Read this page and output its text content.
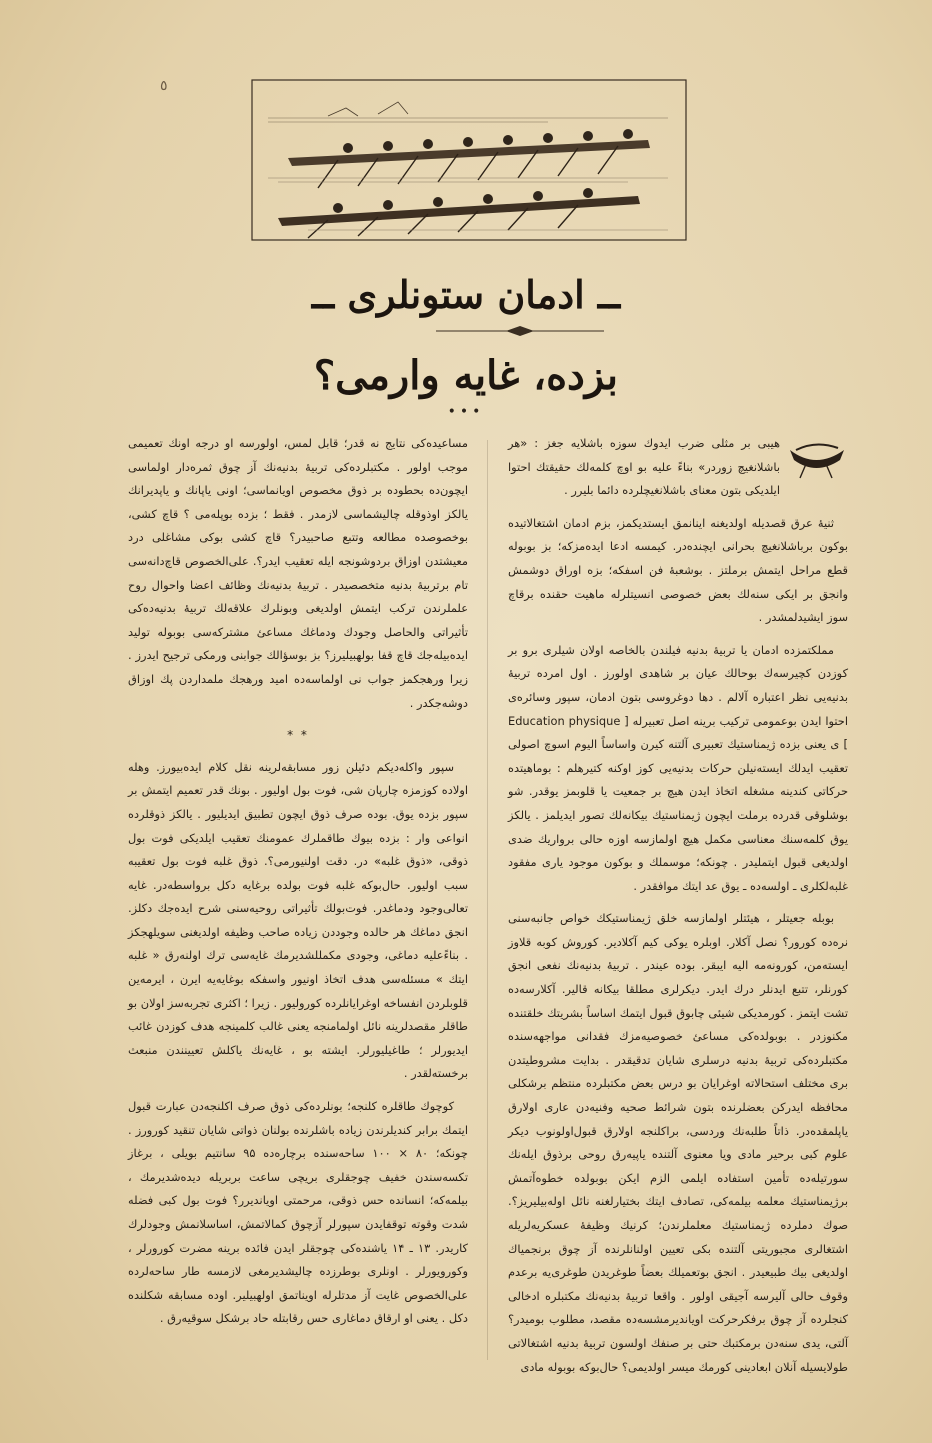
٥
ــ ادمان ستونلری ــ
بزده، غایه وارمی؟
•••

هیبی بر مثلی ضرب ایدوك سوزه باشلایه جغز : «هر باشلانغیچ زوردر» بناءً علیه بو اوچ کلمه‌لك حقیقتك احتوا ایلدیکی بتون معنای باشلانغیچلرده دائما بلیرر .

ثنیهٔ عرق قصدیله اولدیغنه اینانمق ایستدیکمز، بزم ادمان اشتغالاتیده بوکون برباشلانغیچ بحرانی ایچنده‌در. کیمسه ادعا ایده‌مزکه؛ بز بوبوله قطع مراحل ایتمش برملتز . بوشعبهٔ فن اسفکه؛ بزه اوراق دوشمش وانجق بر ایکی سنه‌لك بعض خصوصی انسیتلرله ماهیت حقنده برقاچ سوز ایشیدلمشدر .

مملکتمزده ادمان یا تربیهٔ بدنیه فیلندن بالخاصه اولان شیلری برو بر کوزدن کچیرسه‌ك بوحالك عیان بر شاهدی اولورز . اول امرده تربیهٔ بدنیه‌یی نظر اعتباره آلالم . دها دوغروسی بتون ادمان، سپور وسائره‌ی احتوا ایدن بوعمومی ترکیب برینه اصل تعبیرله [ Education physique ] ی یعنی بزده ژیمناستیك تعبیری آلتنه کیرن واساساً الیوم اسوچ اصولی تعقیب ایدلك ایسته‌نیلن حرکات بدنیه‌یی کوز اوکنه کتیرهلم : بوماهیتده حرکاتی کندینه مشغله اتخاذ ایدن هیچ بر جمعیت یا قلوبمز یوقدر. شو بوشلوقی قدرده برملت ایچون ژیمناستیك بیکانه‌لك تصور ایدیلمز . یالکز یوق کلمه‌سنك معناسی مکمل هیچ اولمازسه اوزه حالی برواریك ضدی اولدیغی قبول ایتملیدر . چونکه؛ موسملك و بوکون موجود یاری مفقود غلبه‌لکلری ـ اولسه‌ده ـ یوق عد ایتك موافقدر .

بوبله جعیتلر ، هیئتلر اولمازسه خلق ژیمناستیکك خواص جانبه‌سنی نره‌ده کورور؟ نصل آکلار. اوبلره یوکی کیم آکلادیر. کوروش کوبه قلاوز ایسته‌من، کورونه‌مه الیه ایبقر. بوده عیندر . تربیهٔ بدنیه‌نك نفعی انجق کورنلر، تتبع ایدنلر درك ایدر. دیکرلری مطلقا بیکانه قالیر. آکلارسه‌ده تشت ایتمز . کورمدیکی شیئی چابوق قبول ایتمك اساساً بشریتك خلقتنده مکنوزدر . بوبولده‌کی مساعیٔ خصوصیه‌مزك فقدانی مواجهه‌سنده مکتبلرده‌کی تربیهٔ بدنیه درسلری شایان تدقیقدر . بدایت مشروطیتدن بری مختلف استحالاته اوغرایان بو درس بعض مکتبلرده منتظم برشکلی محافظه ایدرکن بعضلرنده بتون شرائط صحیه وفنیه‌دن عاری اولارق یاپلمقده‌در. ذاتاً طلبه‌نك وردسی، براکلنجه اولارق قبول‌اولونوب دیکر علوم کبی برحیر مادی ویا معنوی آلتنده یاپیه‌رق روحی برذوق ایله‌نك سورتیله‌ده تأمین استفاده ایلمی الزم ایکن بوبولده خطوه‌آتمش برژیمناستیك معلمه بیلمه‌کی، تصادف ایتك بختیارلغنه نائل اوله‌بیلیریز؟. صوك دملرده ژیمناستیك معلملرندن؛ کرنیك وظیفهٔ عسکریه‌لریله اشتغالری مجبوریتی آلتنده بکی تعیین اولنانلرنده آز چوق برنجمیاك اولدیغی بیك طبیعیدر . انجق بوتعمیلك بعضاً طوغریدن طوغری‌یه برعدم وقوف حالی آلیرسه آجیقی اولور . واقعا تربیهٔ بدنیه‌نك مکتبلره ادخالی کنجلرده آز چوق برفکرحرکت اویاندیرمشسه‌ده مقصد، مطلوب بومیدر؟ آلتی، یدی سنه‌دن برمکتبك حتی بر صنفك اولسون تربیهٔ بدنیه اشتغالاتی طولایسیله آنلان ابعادینی کورمك میسر اولدیمی؟ حال‌بوکه بوبوله مادی

مساعیده‌کی نتایج نه قدر؛ قابل لمس، اولورسه او درجه اونك تعمیمی موجب اولور . مکتبلرده‌کی تربیهٔ بدنیه‌نك آز چوق ثمره‌دار اولماسی ایچون‌ده بحطوده بر ذوق مخصوص اویانماسی؛ اونی یاپانك و یاپدیرانك یالکز اوذوقله چالیشماسی لازمدر . فقط ؛ بزده بوپله‌می‌ ؟ قاچ کشی، بوخصوصده مطالعه وتتبع صاحبیدر؟ قاچ کشی بوکی مشاغلی درد معیشتدن اوزاق بردوشونجه ایله تعقیب ایدر؟. علی‌الخصوص قاچ‌دانه‌سی تام برتربیهٔ بدنیه متخصصیدر . تربیهٔ بدنیه‌نك وظائف اعضا واحوال روح علملرندن ترکب ایتمش اولدیغی وبونلرك علاقه‌لك تربیهٔ بدنیه‌ده‌کی تأثیراتی والحاصل وجودك ودماغك مساعیٔ مشترکه‌سی بوبوله تولید ایده‌بیله‌جك قاچ قفا بولهبیلیرز؟ بز بوسؤالك جوابنی ورمکی ترجیح ایدرز . زیرا ورهجکمز جواب نی اولماسه‌ده امید ورهجك ملمداردن پك اوزاق دوشه‌جکدر .

* *

سپور واکله‌دیکم دئیلن زور مسابقه‌لرینه نقل‌ کلام ایده‌بیورز. وهله اولاده کوزمزه چارپان شی، فوت بول اولیور . بونك قدر تعمیم ایتمش بر سپور بزده یوق. بوده صرف ذوق ایچون تطبیق ایدیلیور . یالکز ذوقلرده انواعی وار : بزده بیوك طاقملرك عمومنك تعقیب ایلدیکی فوت بول ذوقی، «ذوق غلبه» در. دقت اولنیورمی؟. ذوق غلبه فوت بول تعقیبه سبب اولیور. حال‌بوکه غلبه فوت بولده برغایه دکل برواسطه‌در. غایه تعالی‌وجود ودماغدر. فوت‌بولك تأثیراتی روحیه‌سنی شرح ایده‌جك دکلز. انجق دماغك هر حالده وجوددن زیاده صاحب وظیفه اولدیغنی سویلهجکز . بناءًعلیه دماغی، وجودی مکمللشدیرمك غایه‌سی ترك اولنه‌رق « غلبه ایتك » مسئله‌سی هدف اتخاذ اونیور واسفکه بوغایه‌یه ایرن ، ایرمه‌ین قلوبلردن انفساخه اوغرایانلرده کورولیور . زیرا ؛ اکثری تجربه‌سز اولان بو طاقلر مقصدلرینه نائل اولمامنجه یعنی غالب کلمینجه هدف کوزدن غائب ایدیورلر ؛ طاغیلیورلر. ایشته بو ، غایه‌نك یاکلش تعیینندن منبعث برخسته‌لقدر .

کوچوك طاقلره کلنجه؛ بونلرده‌کی ذوق صرف اکلنجه‌دن عبارت قبول ایتمك برابر کندیلرندن زیاده باشلرنده بولنان ذواتی شایان تنقید کورورز . چونکه؛ ۸۰ × ۱۰۰ ساحه‌سنده برچاره‌ده ۹۵ سانتیم بویلی ، برغاز تکسه‌سندن خفیف چوجقلری بریچی ساعت بربریله دیده‌شدیرمك ، بیلمه‌که؛ انسانده حس ذوقی، مرحمتی اویاندیرر؟ فوت بول کبی فضله شدت وقوته توقفایدن سپورلر آزچوق کمالاتمش، اساسلانمش وجودلرك کاریدر. ۱۳ ـ ۱۴ یاشنده‌کی چوجقلر ایدن فائده برینه مضرت کورورلر ، وکورویورلر . اونلری بوطرزده چالیشدیرمغی لازمسه طار ساحه‌لرده علی‌الخصوص غایت آز مدتلرله اویناتمق اولهبیلیر. اوده مسابقه شکلنده دکل . یعنی او ارقاق دماغاری حس رقابتله حاد برشکل سوقیه‌رق .
